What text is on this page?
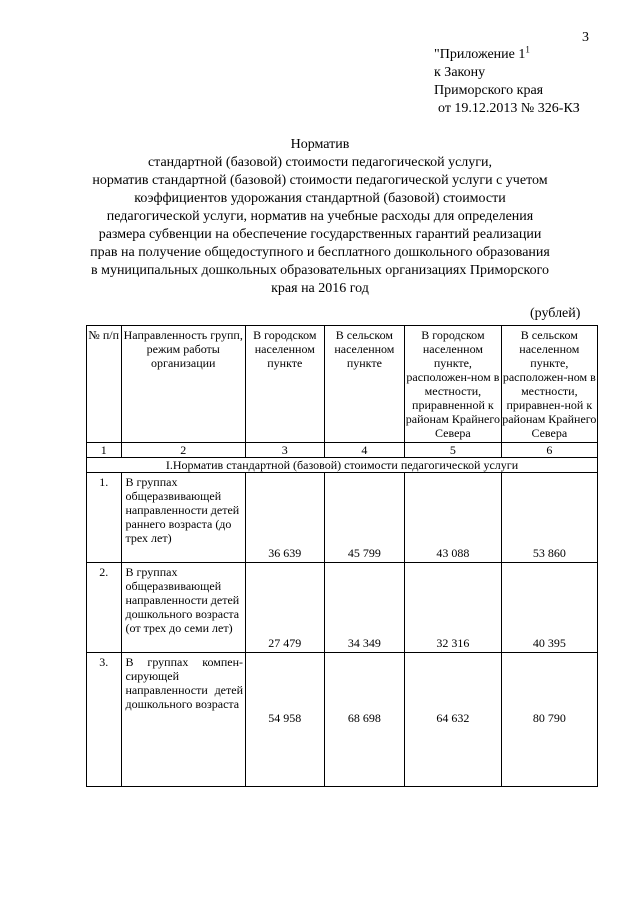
3
"Приложение $1^1$
к Закону
Приморского края
от 19.12.2013 № 326-КЗ
Норматив
стандартной (базовой) стоимости педагогической услуги,
норматив стандартной (базовой) стоимости педагогической услуги с учетом
коэффициентов удорожания стандартной (базовой) стоимости
педагогической услуги, норматив на учебные расходы для определения
размера субвенции на обеспечение государственных гарантий реализации
прав на получение общедоступного и бесплатного дошкольного образования
в муниципальных дошкольных образовательных организациях Приморского
края на 2016 год
(рублей)
№ п/п	Направленность групп, режим работы организации	В городском населенном пункте	В сельском населенном пункте	В городском населенном пункте, расположен-ном в местности, приравненной к районам Крайнего Севера	В сельском населенном пункте, расположен-ном в местности, приравнен-ной к районам Крайнего Севера
1	2	3	4	5	6
I.Норматив стандартной (базовой) стоимости педагогической услуги					
1.	В группах общеразвивающей направленности детей раннего возраста (до трех лет)	36 639	45 799	43 088	53 860
2.	В группах общеразвивающей направленности детей дошкольного возраста (от трех до семи лет)	27 479	34 349	32 316	40 395
3.	В группах компен-сирующей направленности детей дошкольного возраста	54 958	68 698	64 632	80 790
